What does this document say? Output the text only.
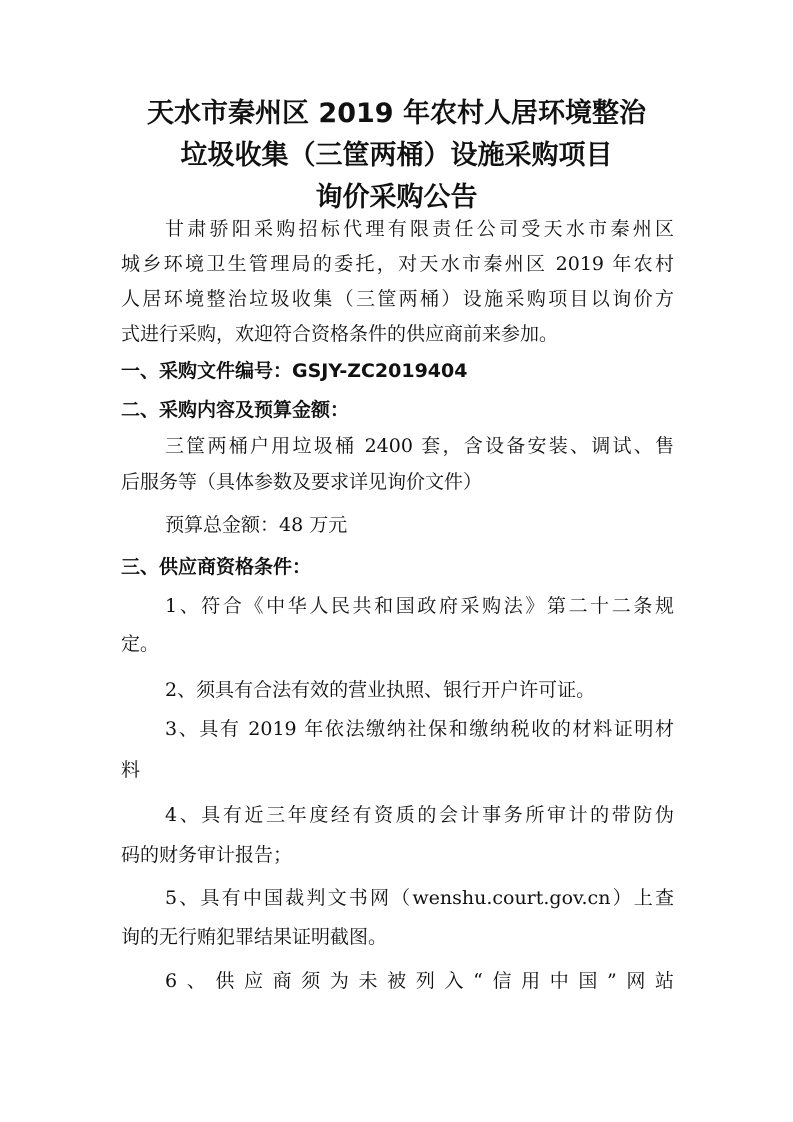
天水市秦州区 2019 年农村人居环境整治
垃圾收集（三筐两桶）设施采购项目
询价采购公告
甘肃骄阳采购招标代理有限责任公司受天水市秦州区
城乡环境卫生管理局的委托，对天水市秦州区 2019 年农村
人居环境整治垃圾收集（三筐两桶）设施采购项目以询价方
式进行采购，欢迎符合资格条件的供应商前来参加。
一、采购文件编号：GSJY-ZC2019404
二、采购内容及预算金额：
三筐两桶户用垃圾桶 2400 套，含设备安装、调试、售
后服务等（具体参数及要求详见询价文件）
预算总金额：48 万元
三、供应商资格条件：
1、符合《中华人民共和国政府采购法》第二十二条规
定。
2、须具有合法有效的营业执照、银行开户许可证。
3、具有 2019 年依法缴纳社保和缴纳税收的材料证明材
料
4、具有近三年度经有资质的会计事务所审计的带防伪
码的财务审计报告；
5、具有中国裁判文书网（wenshu.court.gov.cn）上查
询的无行贿犯罪结果证明截图。
6、供应商须为未被列入“信用中国”网站
